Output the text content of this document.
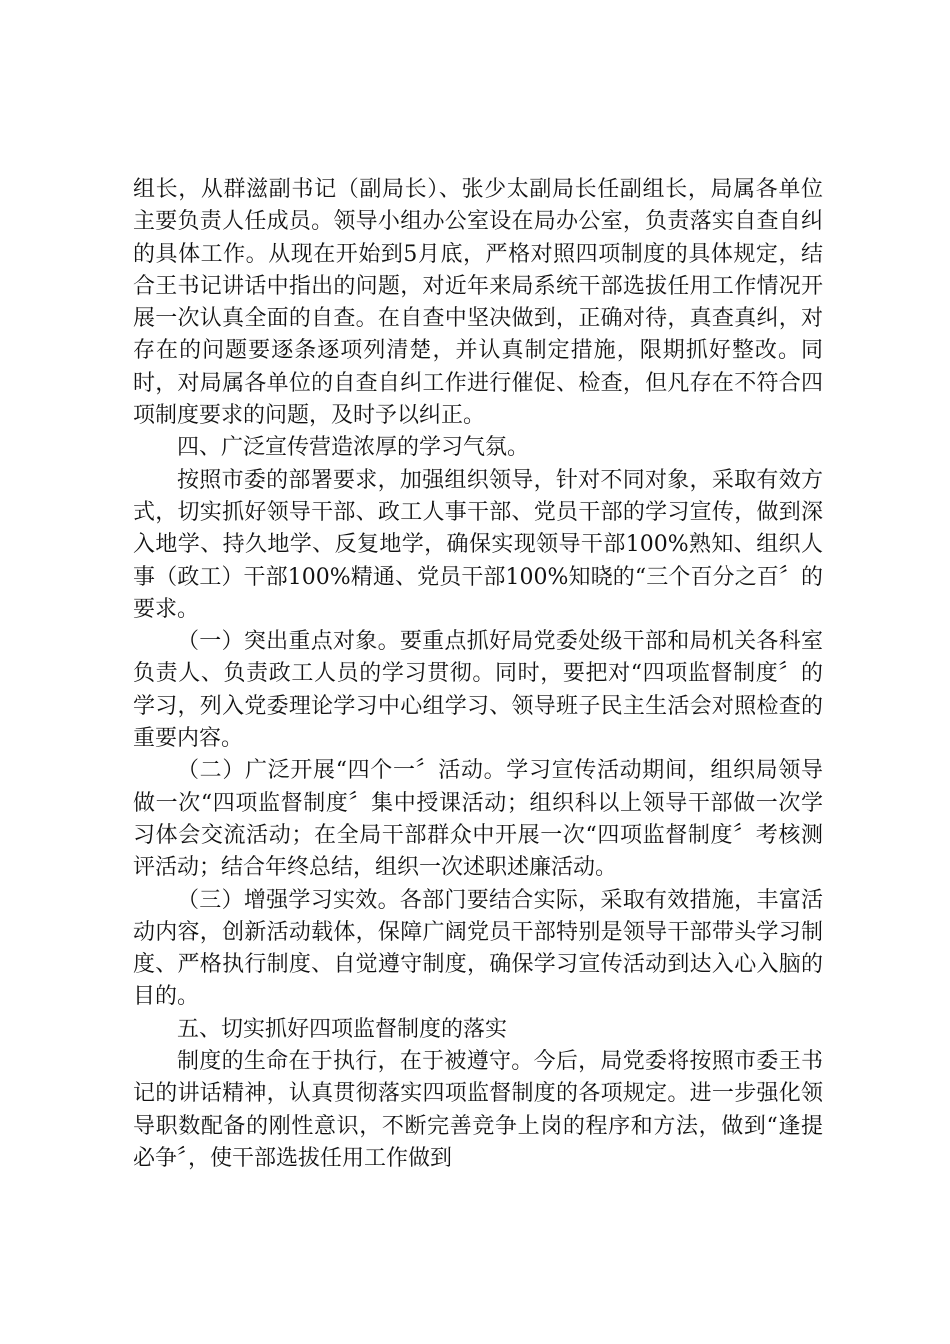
组长，从群滋副书记（副局长）、张少太副局长任副组长，局属各单位主要负责人任成员。领导小组办公室设在局办公室，负责落实自查自纠的具体工作。从现在开始到5月底，严格对照四项制度的具体规定，结合王书记讲话中指出的问题，对近年来局系统干部选拔任用工作情况开展一次认真全面的自查。在自查中坚决做到，正确对待，真查真纠，对存在的问题要逐条逐项列清楚，并认真制定措施，限期抓好整改。同时，对局属各单位的自查自纠工作进行催促、检查，但凡存在不符合四项制度要求的问题，及时予以纠正。

四、广泛宣传营造浓厚的学习气氛。

按照市委的部署要求，加强组织领导，针对不同对象，采取有效方式，切实抓好领导干部、政工人事干部、党员干部的学习宣传，做到深入地学、持久地学、反复地学，确保实现领导干部100%熟知、组织人事（政工）干部100%精通、党员干部100%知晓的“三个百分之百〞的要求。

（一）突出重点对象。要重点抓好局党委处级干部和局机关各科室负责人、负责政工人员的学习贯彻。同时，要把对“四项监督制度〞的学习，列入党委理论学习中心组学习、领导班子民主生活会对照检查的重要内容。

（二）广泛开展“四个一〞活动。学习宣传活动期间，组织局领导做一次“四项监督制度〞集中授课活动；组织科以上领导干部做一次学习体会交流活动；在全局干部群众中开展一次“四项监督制度〞考核测评活动；结合年终总结，组织一次述职述廉活动。

（三）增强学习实效。各部门要结合实际，采取有效措施，丰富活动内容，创新活动载体，保障广阔党员干部特别是领导干部带头学习制度、严格执行制度、自觉遵守制度，确保学习宣传活动到达入心入脑的目的。

五、切实抓好四项监督制度的落实

制度的生命在于执行，在于被遵守。今后，局党委将按照市委王书记的讲话精神，认真贯彻落实四项监督制度的各项规定。进一步强化领导职数配备的刚性意识，不断完善竞争上岗的程序和方法，做到“逢提必争〞，使干部选拔任用工作做到
